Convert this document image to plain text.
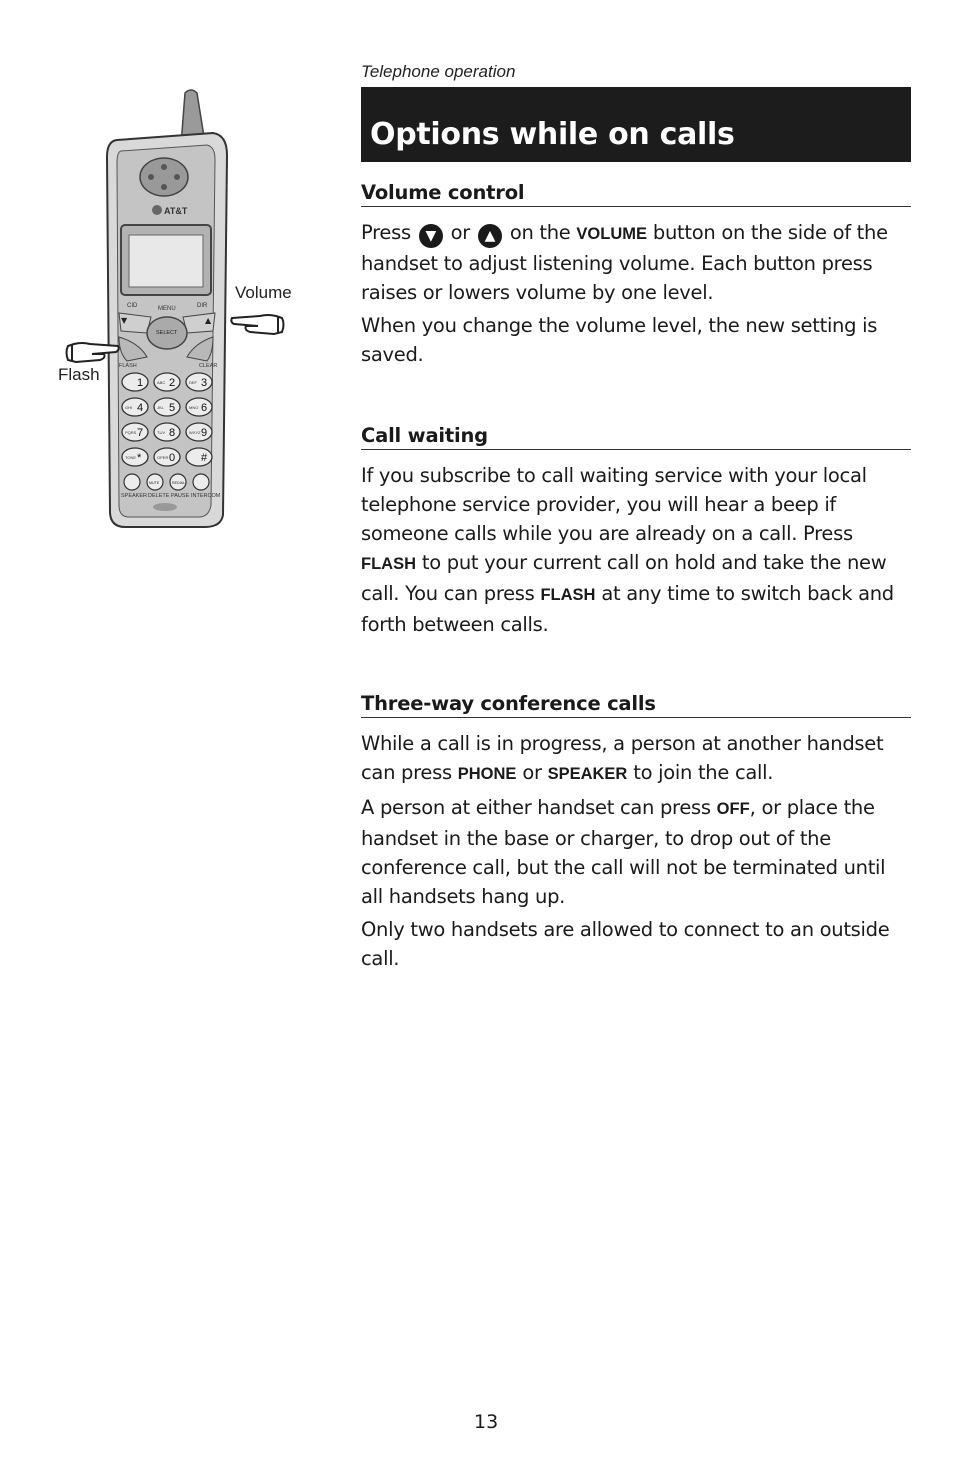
Telephone operation
Options while on calls
AT&T
CID	MENU	DIR
▼	▲
SELECT
FLASH	CLEAR
1	ABC 2	DEF 3
GHI 4	JKL 5	MNO 6
PQRS 7	TUV 8	WXYZ 9
TONE *	OPER 0 #
MUTE	REDIAL
SPEAKER DELETE PAUSE INTERCOM
Volume
Flash
Volume control

Press ▼ or ▲ on the VOLUME button on the side of the handset to adjust listening volume. Each button press raises or lowers volume by one level.

When you change the volume level, the new setting is saved.

Call waiting

If you subscribe to call waiting service with your local telephone service provider, you will hear a beep if someone calls while you are already on a call. Press FLASH to put your current call on hold and take the new call. You can press FLASH at any time to switch back and forth between calls.

Three-way conference calls

While a call is in progress, a person at another handset can press PHONE or SPEAKER to join the call.

A person at either handset can press OFF, or place the handset in the base or charger, to drop out of the conference call, but the call will not be terminated until all handsets hang up.

Only two handsets are allowed to connect to an outside call.

13
